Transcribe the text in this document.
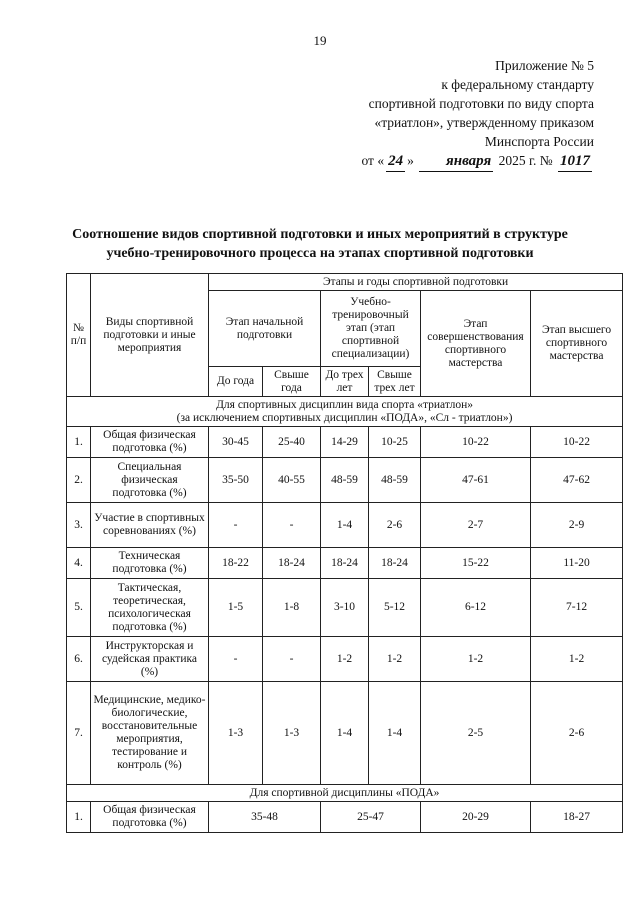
19
Приложение № 5
к федеральному стандарту
спортивной подготовки по виду спорта
«триатлон», утвержденному приказом
Минспорта России
от « 24 » января 2025 г. № 1017
Соотношение видов спортивной подготовки и иных мероприятий в структуре
учебно-тренировочного процесса на этапах спортивной подготовки
№ п/п	Виды спортивной подготовки и иные мероприятия	Этапы и годы спортивной подготовки					
		Этап начальной подготовки		Учебно-тренировочный этап (этап спортивной специализации)		Этап совершенствования спортивного мастерства	Этап высшего спортивного мастерства
		До года	Свыше года	До трех лет	Свыше трех лет		

Для спортивных дисциплин вида спорта «триатлон»
(за исключением спортивных дисциплин «ПОДА», «Сл - триатлон»)							

1.	Общая физическая подготовка (%)	30-45	25-40	14-29	10-25	10-22	10-22
2.	Специальная физическая подготовка (%)	35-50	40-55	48-59	48-59	47-61	47-62
3.	Участие в спортивных соревнованиях (%)	-	-	1-4	2-6	2-7	2-9
4.	Техническая подготовка (%)	18-22	18-24	18-24	18-24	15-22	11-20
5.	Тактическая, теоретическая, психологическая подготовка (%)	1-5	1-8	3-10	5-12	6-12	7-12
6.	Инструкторская и судейская практика (%)	-	-	1-2	1-2	1-2	1-2
7.	Медицинские, медико-биологические, восстановительные мероприятия, тестирование и контроль (%)	1-3	1-3	1-4	1-4	2-5	2-6
Для спортивной дисциплины «ПОДА»							
1.	Общая физическая подготовка (%)	35-48		25-47		20-29	18-27
